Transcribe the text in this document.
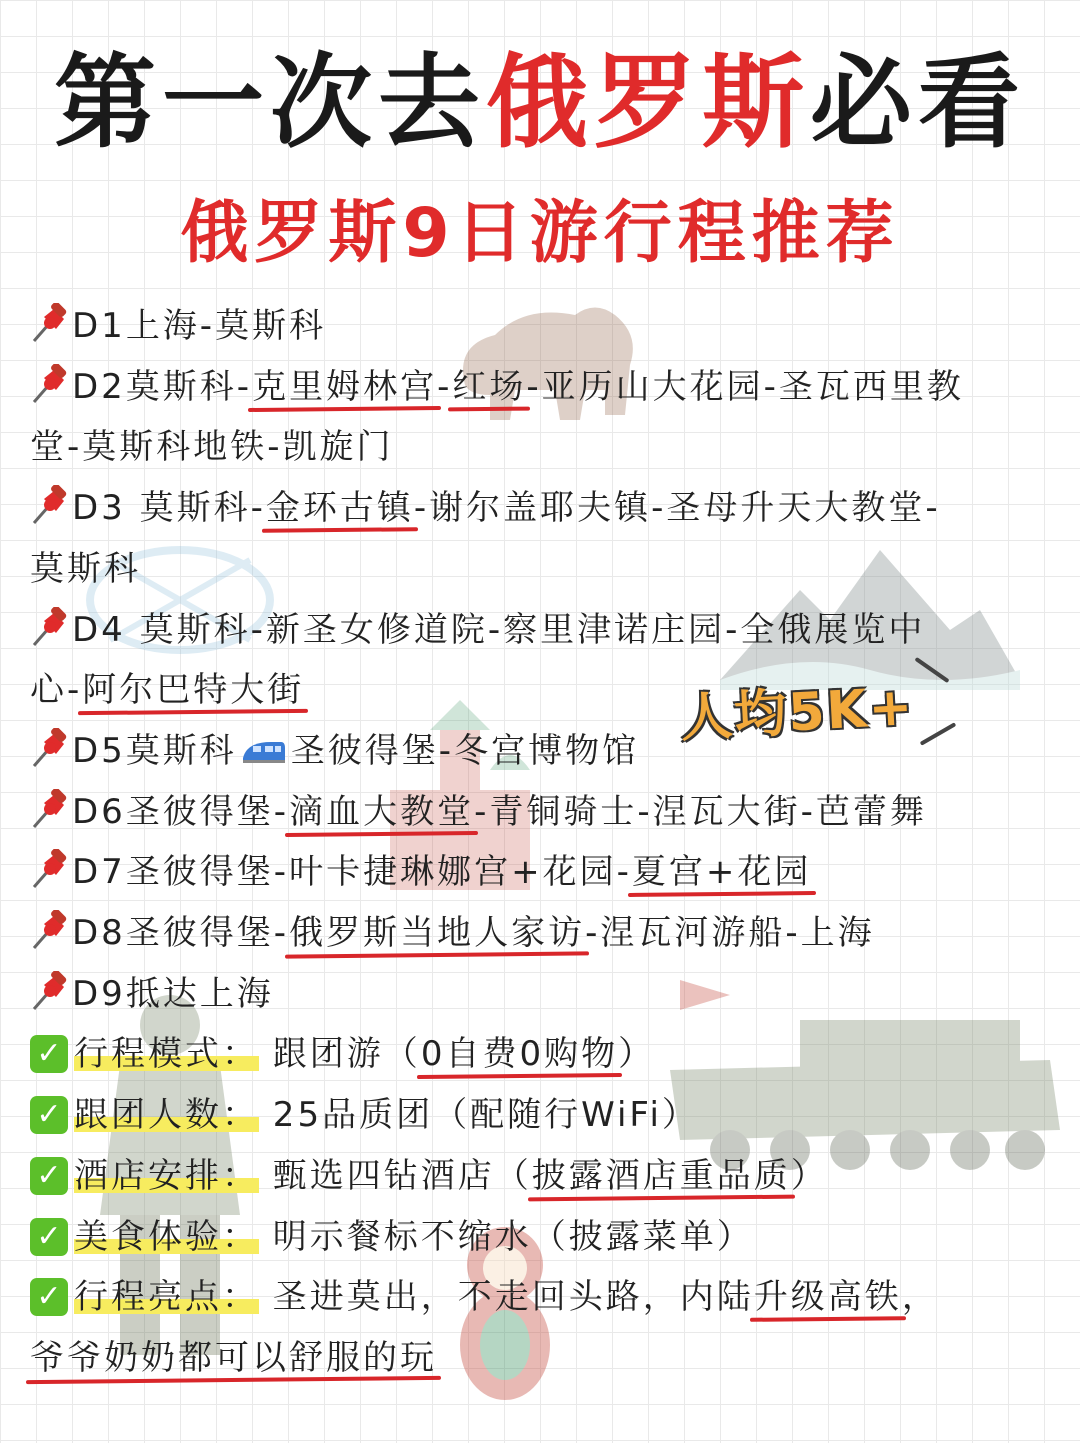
第一次去俄罗斯必看
俄罗斯9日游行程推荐
D1上海-莫斯科
D2莫斯科-克里姆林宫-红场-亚历山大花园-圣瓦西里教
堂-莫斯科地铁-凯旋门
D3 莫斯科-金环古镇-谢尔盖耶夫镇-圣母升天大教堂-
莫斯科
D4 莫斯科-新圣女修道院-察里津诺庄园-全俄展览中
心-阿尔巴特大街
D5莫斯科 圣彼得堡-冬宫博物馆
D6圣彼得堡-滴血大教堂-青铜骑士-涅瓦大街-芭蕾舞
D7圣彼得堡-叶卡捷琳娜宫+花园-夏宫+花园
D8圣彼得堡-俄罗斯当地人家访-涅瓦河游船-上海
D9抵达上海
✓ 行程模式： 跟团游（0自费0购物）
✓ 跟团人数： 25品质团（配随行WiFi）
✓ 酒店安排： 甄选四钻酒店（披露酒店重品质）
✓ 美食体验： 明示餐标不缩水（披露菜单）
✓ 行程亮点： 圣进莫出，不走回头路，内陆升级高铁，
爷爷奶奶都可以舒服的玩
人均5K+
